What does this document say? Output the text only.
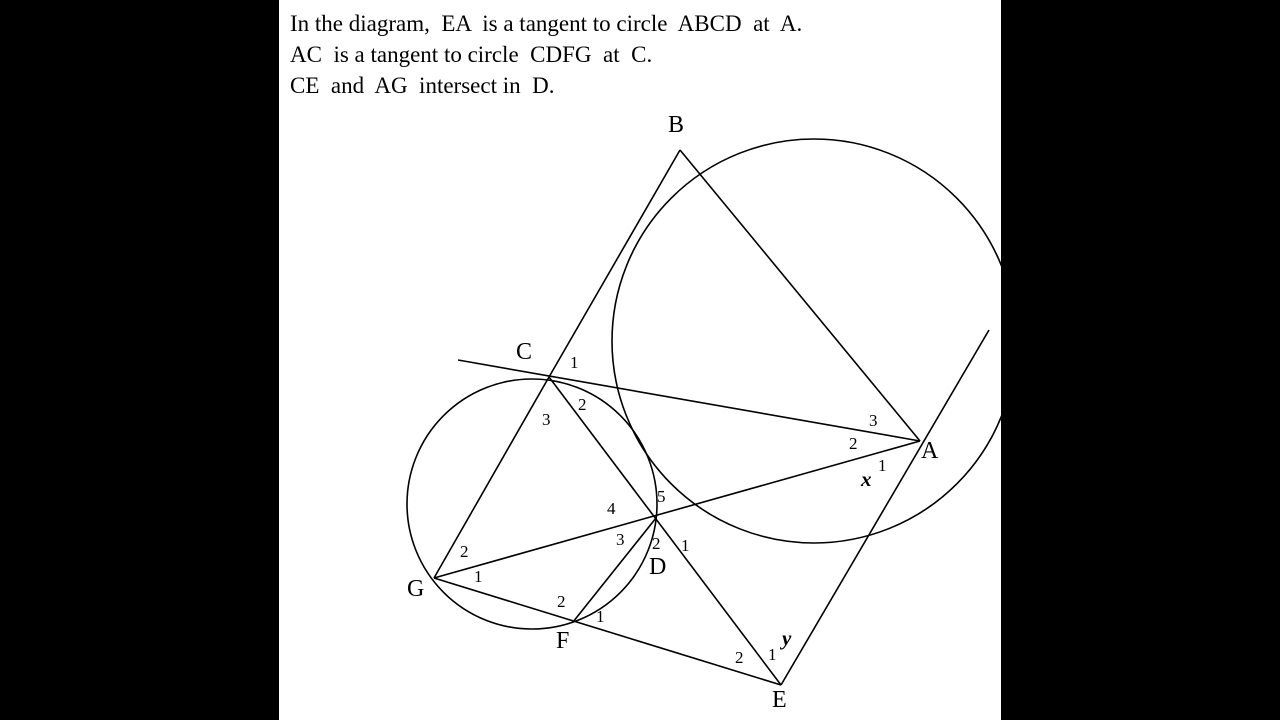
In the diagram,  EA  is a tangent to circle  ABCD  at  A.
AC  is a tangent to circle  CDFG  at  C.
CE  and  AG  intersect in  D.
B
C
A
D
G
F
E
1
2
3	3
2
1
x
5
4
3 2 1
2
1
2
1
2 1
y
